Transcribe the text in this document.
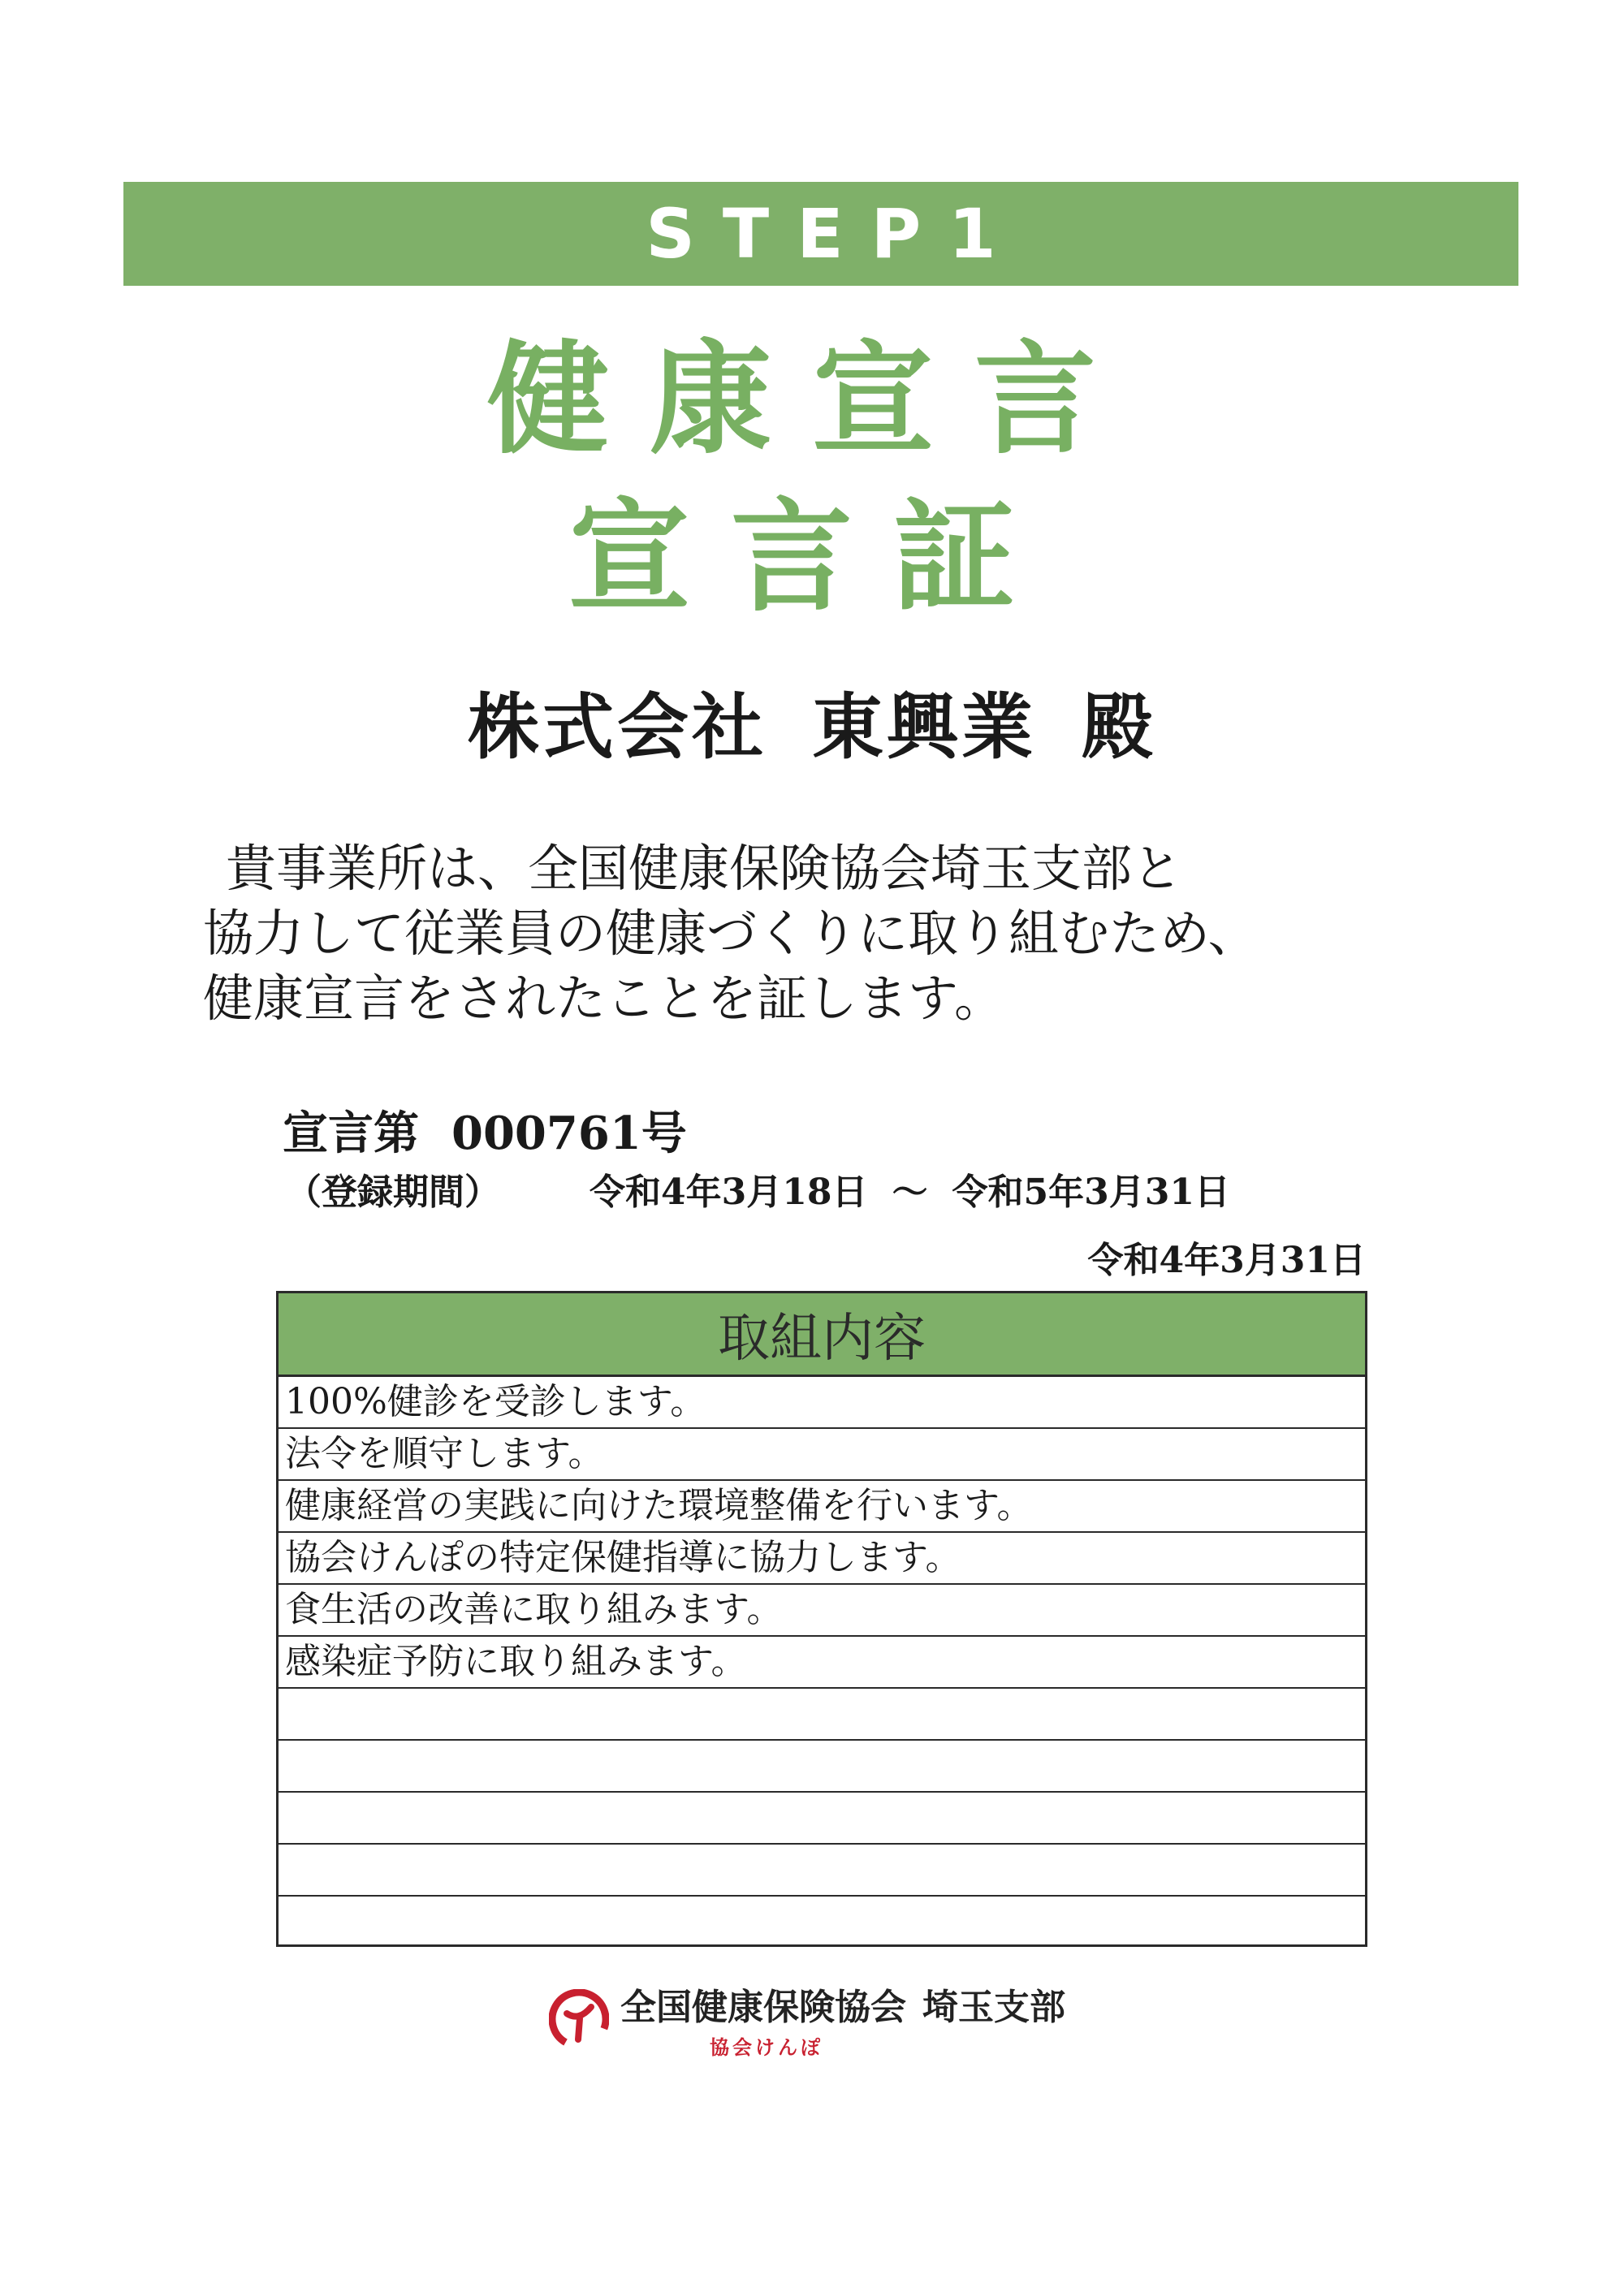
STEP1
健康宣言
宣言証
株式会社 東興業 殿
貴事業所は、全国健康保険協会埼玉支部と
協力して従業員の健康づくりに取り組むため、
健康宣言をされたことを証します。
宣言第 000761号
（登録期間）	令和4年3月18日 ～ 令和5年3月31日
令和4年3月31日
取組内容
100%健診を受診します。
法令を順守します。
健康経営の実践に向けた環境整備を行います。
協会けんぽの特定保健指導に協力します。
食生活の改善に取り組みます。
感染症予防に取り組みます。
全国健康保険協会 埼玉支部
協会けんぽ
